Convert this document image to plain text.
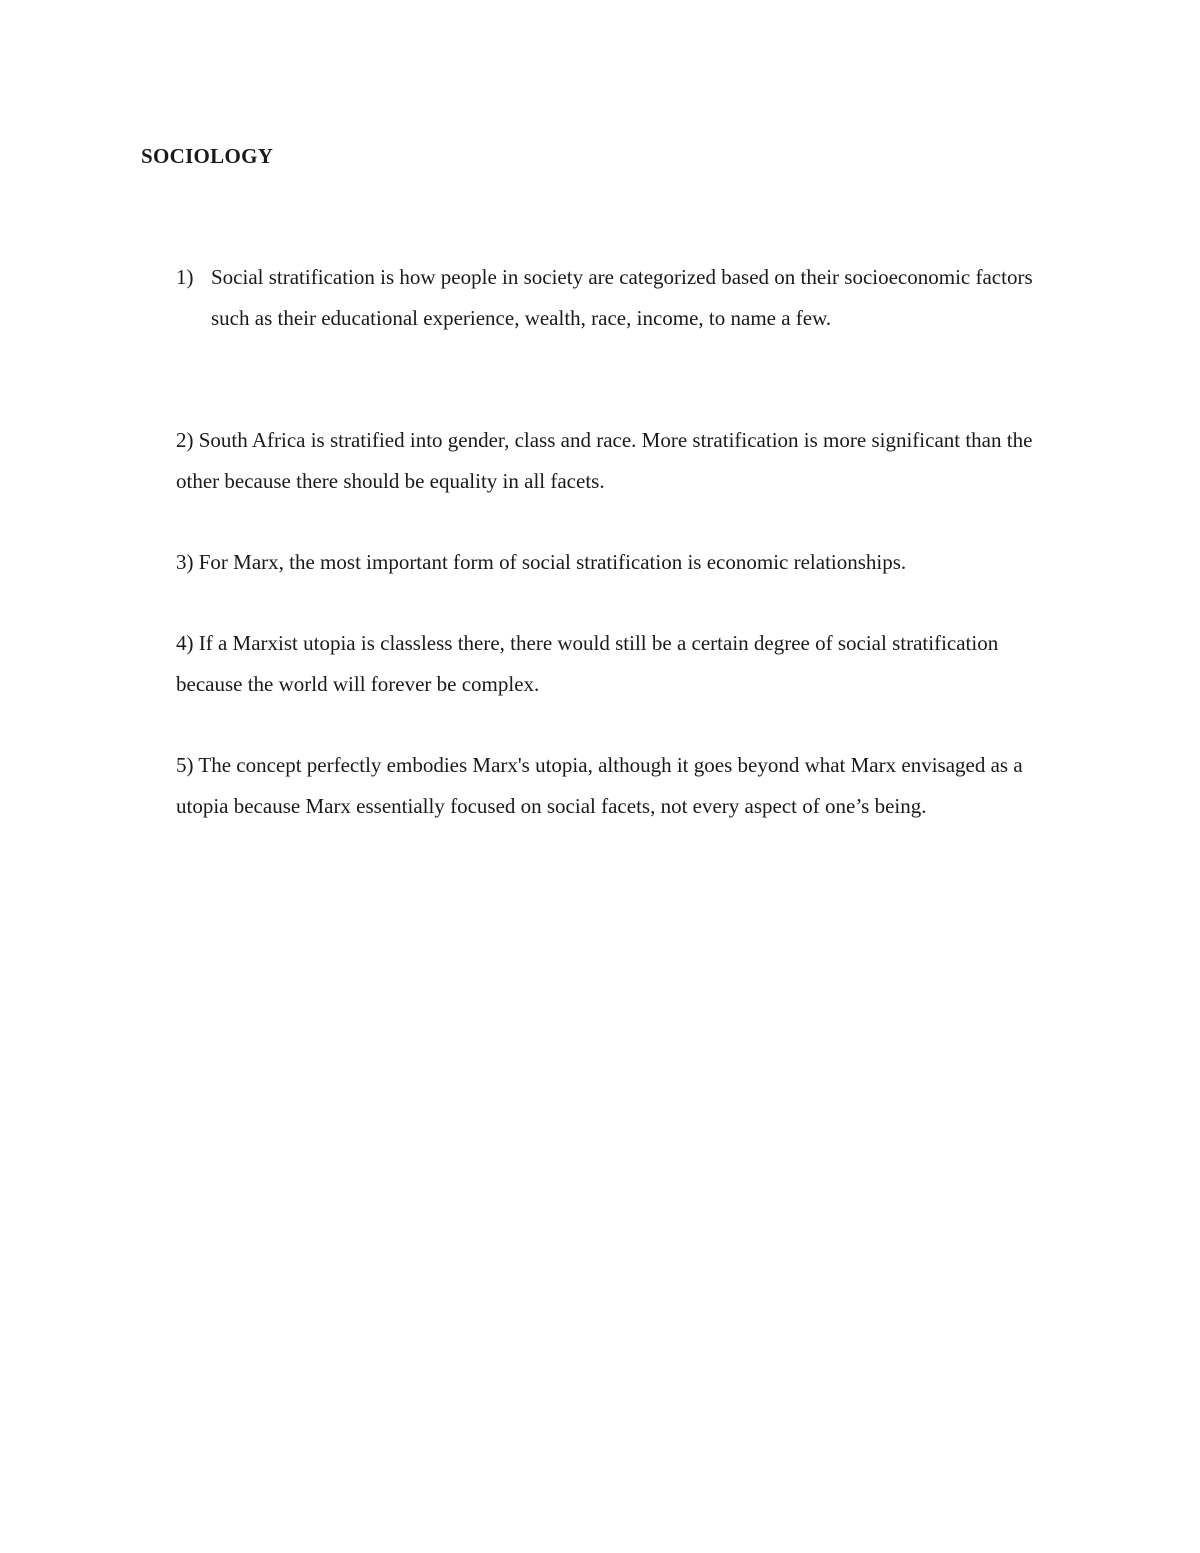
SOCIOLOGY
1) Social stratification is how people in society are categorized based on their socioeconomic factors such as their educational experience, wealth, race, income, to name a few.

2) South Africa is stratified into gender, class and race. More stratification is more significant than the other because there should be equality in all facets.

3) For Marx, the most important form of social stratification is economic relationships.

4) If a Marxist utopia is classless there, there would still be a certain degree of social stratification because the world will forever be complex.

5) The concept perfectly embodies Marx's utopia, although it goes beyond what Marx envisaged as a utopia because Marx essentially focused on social facets, not every aspect of one’s being.
